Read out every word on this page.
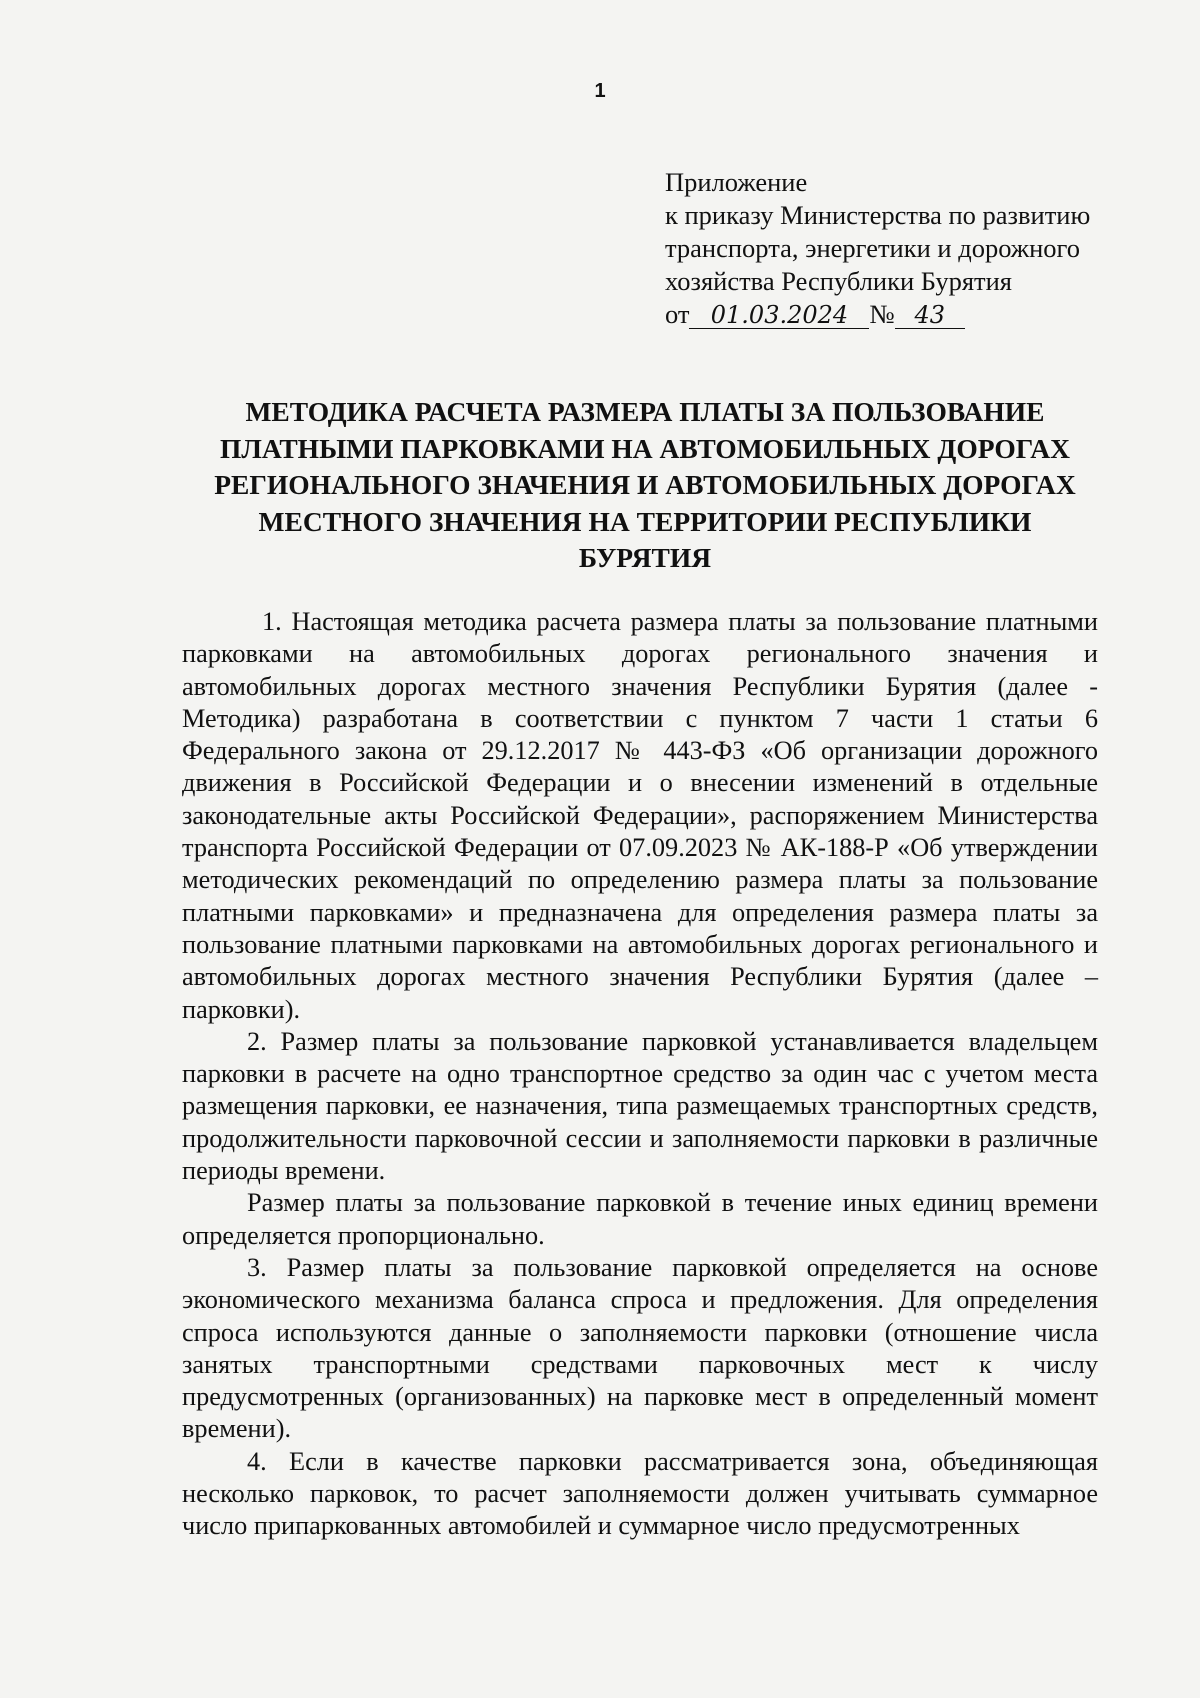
1
Приложение
к приказу Министерства по развитию
транспорта, энергетики и дорожного
хозяйства Республики Бурятия
от 01.03.2024 № 43
МЕТОДИКА РАСЧЕТА РАЗМЕРА ПЛАТЫ ЗА ПОЛЬЗОВАНИЕ
ПЛАТНЫМИ ПАРКОВКАМИ НА АВТОМОБИЛЬНЫХ ДОРОГАХ
РЕГИОНАЛЬНОГО ЗНАЧЕНИЯ И АВТОМОБИЛЬНЫХ ДОРОГАХ
МЕСТНОГО ЗНАЧЕНИЯ НА ТЕРРИТОРИИ РЕСПУБЛИКИ
БУРЯТИЯ

1. Настоящая методика расчета размера платы за пользование платными парковками на автомобильных дорогах регионального значения и автомобильных дорогах местного значения Республики Бурятия (далее - Методика) разработана в соответствии с пунктом 7 части 1 статьи 6 Федерального закона от 29.12.2017 № 443-ФЗ «Об организации дорожного движения в Российской Федерации и о внесении изменений в отдельные законодательные акты Российской Федерации», распоряжением Министерства транспорта Российской Федерации от 07.09.2023 № АК-188-Р «Об утверждении методических рекомендаций по определению размера платы за пользование платными парковками» и предназначена для определения размера платы за пользование платными парковками на автомобильных дорогах регионального и автомобильных дорогах местного значения Республики Бурятия (далее – парковки).

2. Размер платы за пользование парковкой устанавливается владельцем парковки в расчете на одно транспортное средство за один час с учетом места размещения парковки, ее назначения, типа размещаемых транспортных средств, продолжительности парковочной сессии и заполняемости парковки в различные периоды времени.

Размер платы за пользование парковкой в течение иных единиц времени определяется пропорционально.

3. Размер платы за пользование парковкой определяется на основе экономического механизма баланса спроса и предложения. Для определения спроса используются данные о заполняемости парковки (отношение числа занятых транспортными средствами парковочных мест к числу предусмотренных (организованных) на парковке мест в определенный момент времени).

4. Если в качестве парковки рассматривается зона, объединяющая несколько парковок, то расчет заполняемости должен учитывать суммарное число припаркованных автомобилей и суммарное число предусмотренных
